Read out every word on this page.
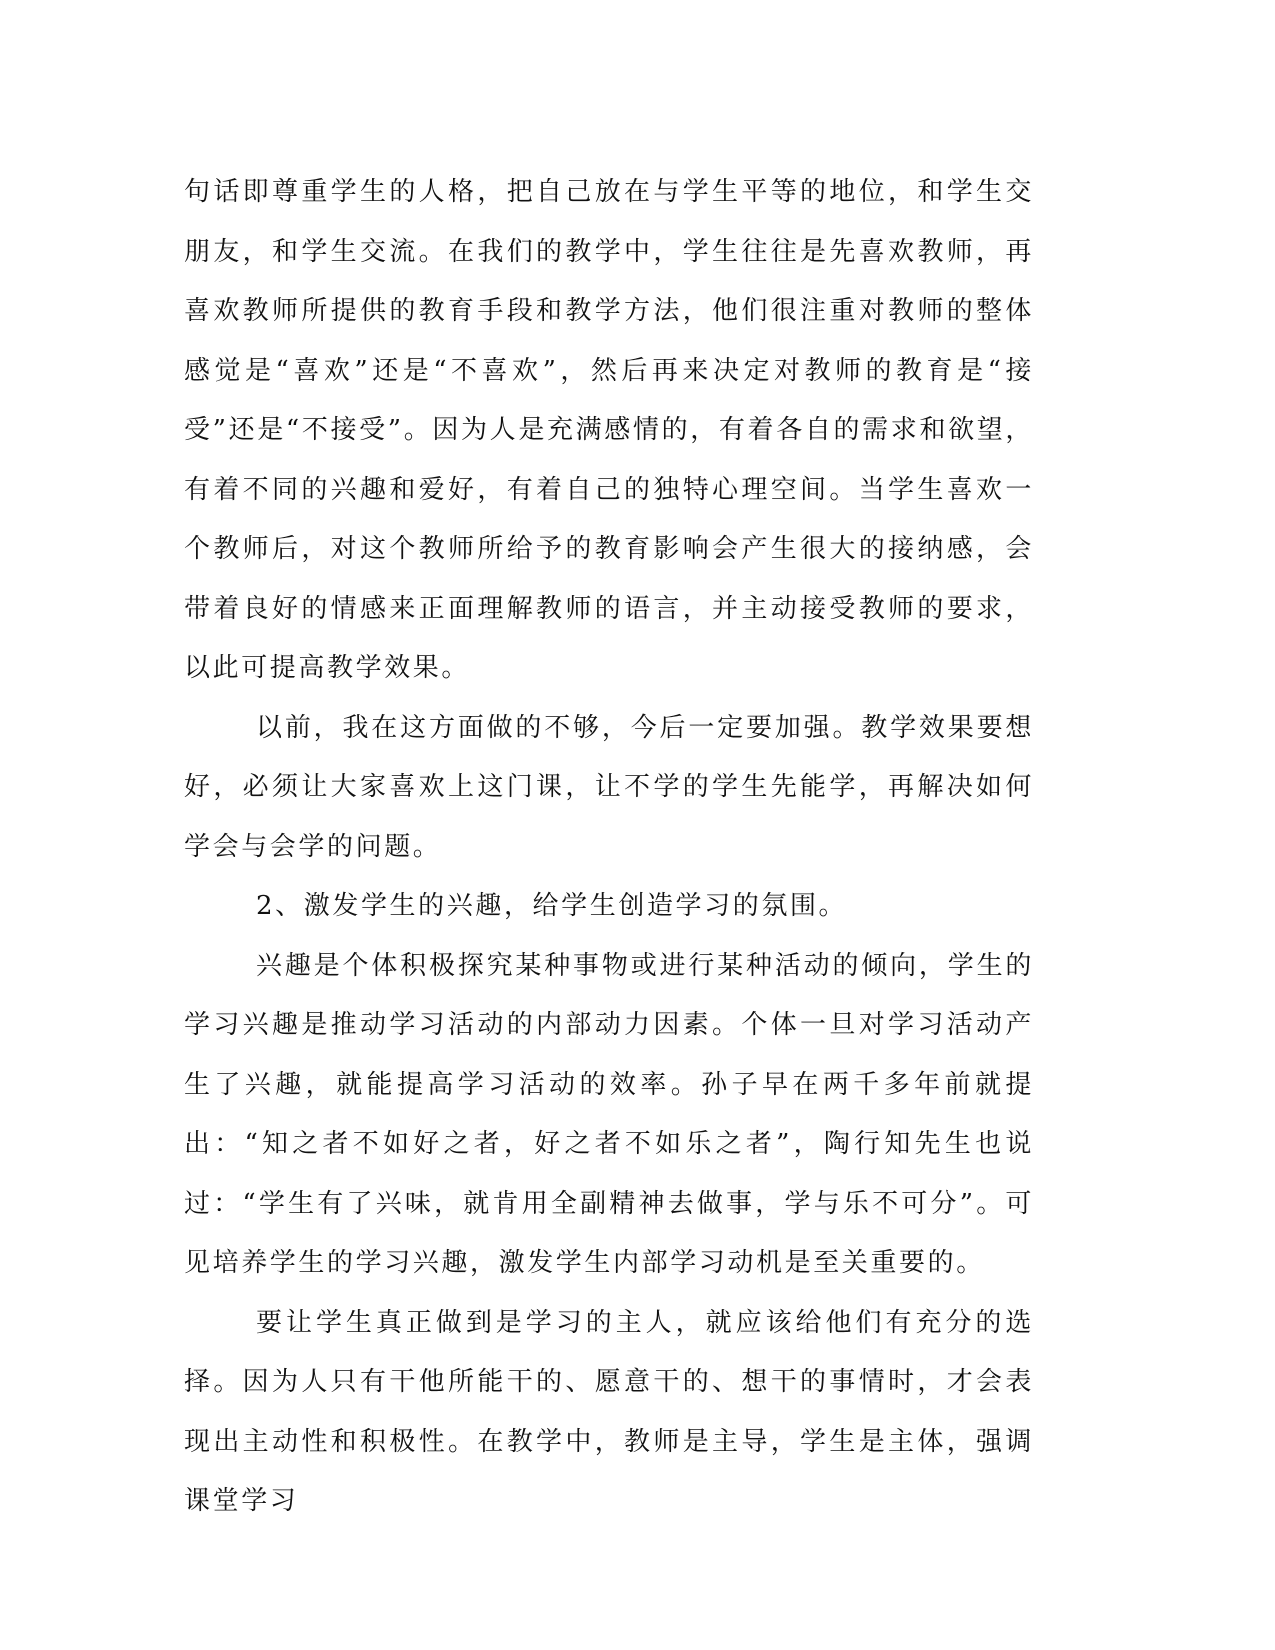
句话即尊重学生的人格，把自己放在与学生平等的地位，和学生交朋友，和学生交流。在我们的教学中，学生往往是先喜欢教师，再喜欢教师所提供的教育手段和教学方法，他们很注重对教师的整体感觉是“喜欢”还是“不喜欢”，然后再来决定对教师的教育是“接受”还是“不接受”。因为人是充满感情的，有着各自的需求和欲望，有着不同的兴趣和爱好，有着自己的独特心理空间。当学生喜欢一个教师后，对这个教师所给予的教育影响会产生很大的接纳感，会带着良好的情感来正面理解教师的语言，并主动接受教师的要求，以此可提高教学效果。

以前，我在这方面做的不够，今后一定要加强。教学效果要想好，必须让大家喜欢上这门课，让不学的学生先能学，再解决如何学会与会学的问题。

2、激发学生的兴趣，给学生创造学习的氛围。

兴趣是个体积极探究某种事物或进行某种活动的倾向，学生的学习兴趣是推动学习活动的内部动力因素。个体一旦对学习活动产生了兴趣，就能提高学习活动的效率。孙子早在两千多年前就提出：“知之者不如好之者，好之者不如乐之者”，陶行知先生也说过：“学生有了兴味，就肯用全副精神去做事，学与乐不可分”。可见培养学生的学习兴趣，激发学生内部学习动机是至关重要的。

要让学生真正做到是学习的主人，就应该给他们有充分的选择。因为人只有干他所能干的、愿意干的、想干的事情时，才会表现出主动性和积极性。在教学中，教师是主导，学生是主体，强调课堂学习
